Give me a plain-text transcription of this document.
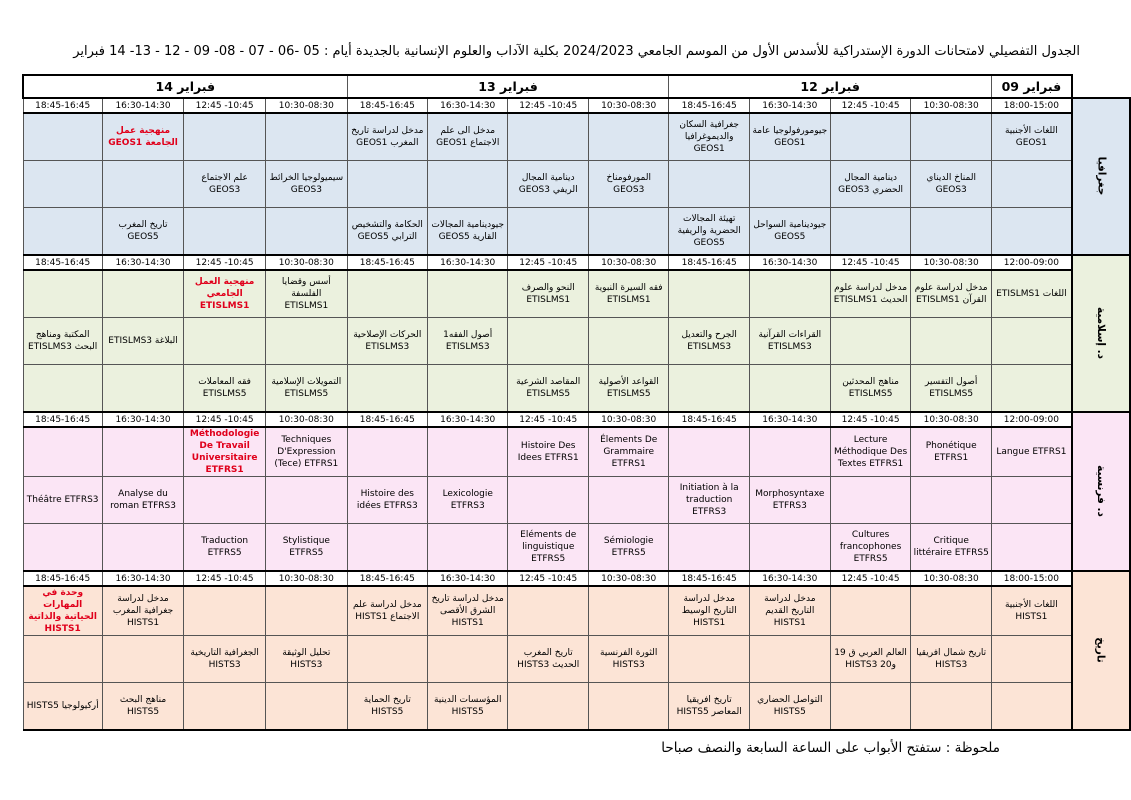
الجدول التفصيلي لامتحانات الدورة الإستدراكية للأسدس الأول من الموسم الجامعي 2024/2023 بكلية الآداب والعلوم الإنسانية بالجديدة أيام : 05 -06 - 07 - 08- 09 - 12 - 13- 14 فبراير
14 فبراير				13 فبراير				12 فبراير				09 فبراير	
18:45-16:45	16:30-14:30	12:45 -10:45	10:30-08:30	18:45-16:45	16:30-14:30	12:45 -10:45	10:30-08:30	18:45-16:45	16:30-14:30	12:45 -10:45	10:30-08:30	18:00-15:00	جغرافيا
	منهجية عمل الجامعة GEOS1			مدخل لدراسة تاريخ المغرب GEOS1	مدخل الى علم الاجتماع GEOS1			جغرافية السكان والديموغرافيا GEOS1	جيومورفولوجيا عامة GEOS1			اللغات الأجنبية GEOS1	
		علم الاجتماع GEOS3	سيميولوجيا الخرائط GEOS3			دينامية المجال الريفي GEOS3	المورفومناخ GEOS3			دينامية المجال الحضري GEOS3	المناخ الديناي GEOS3		
	تاريخ المغرب GEOS5			الحكامة والتشخيص الترابي GEOS5	جيودينامية المجالات القارية GEOS5			تهيئة المجالات الحضرية والريفية GEOS5	جيودينامية السواحل GEOS5				
18:45-16:45	16:30-14:30	12:45 -10:45	10:30-08:30	18:45-16:45	16:30-14:30	12:45 -10:45	10:30-08:30	18:45-16:45	16:30-14:30	12:45 -10:45	10:30-08:30	12:00-09:00	د. إسلامية
		منهجية العمل الجامعي ETISLMS1	أسس وقضايا الفلسفة ETISLMS1			النحو والصرف ETISLMS1	فقه السيرة النبوية ETISLMS1			مدخل لدراسة علوم الحديث ETISLMS1	مدخل لدراسة علوم القرآن ETISLMS1	اللغات ETISLMS1	
المكتبة ومناهج البحث ETISLMS3	البلاغة ETISLMS3			الحركات الإصلاحية ETISLMS3	أصول الفقه1 ETISLMS3			الجرح والتعديل ETISLMS3	القراءات القرآنية ETISLMS3				
		فقه المعاملات ETISLMS5	التمويلات الإسلامية ETISLMS5			المقاصد الشرعية ETISLMS5	القواعد الأصولية ETISLMS5			مناهج المحدثين ETISLMS5	أصول التفسير ETISLMS5		
18:45-16:45	16:30-14:30	12:45 -10:45	10:30-08:30	18:45-16:45	16:30-14:30	12:45 -10:45	10:30-08:30	18:45-16:45	16:30-14:30	12:45 -10:45	10:30-08:30	12:00-09:00	د. فرنسية
		Méthodologie De Travail Universitaire ETFRS1	Techniques D'Expression (Tece) ETFRS1			Histoire Des Idees ETFRS1	Élements De Grammaire ETFRS1			Lecture Méthodique Des Textes ETFRS1	Phonétique ETFRS1	Langue ETFRS1	
Théâtre ETFRS3	Analyse du roman ETFRS3			Histoire des idées ETFRS3	Lexicologie ETFRS3			Initiation à la traduction ETFRS3	Morphosyntaxe ETFRS3				
		Traduction ETFRS5	Stylistique ETFRS5			Eléments de linguistique ETFRS5	Sémiologie ETFRS5			Cultures francophones ETFRS5	Critique littéraire ETFRS5		
18:45-16:45	16:30-14:30	12:45 -10:45	10:30-08:30	18:45-16:45	16:30-14:30	12:45 -10:45	10:30-08:30	18:45-16:45	16:30-14:30	12:45 -10:45	10:30-08:30	18:00-15:00	تاريخ
وحدة في المهارات الحياتية والذاتية HISTS1	مدخل لدراسة جغرافية المغرب HISTS1			مدخل لدراسة علم الاجتماع HISTS1	مدخل لدراسة تاريخ الشرق الأقصى HISTS1			مدخل لدراسة التاريخ الوسيط HISTS1	مدخل لدراسة التاريخ القديم HISTS1			اللغات الأجنبية HISTS1	
		الجغرافية التاريخية HISTS3	تحليل الوثيقة HISTS3			تاريخ المغرب الحديث HISTS3	الثورة الفرنسية HISTS3			العالم العربي ق 19 و20 HISTS3	تاريخ شمال افريقيا HISTS3		
أركيولوجيا HISTS5	مناهج البحث HISTS5			تاريخ الحماية HISTS5	المؤسسات الدينية HISTS5			تاريخ افريقيا المعاصر HISTS5	التواصل الحضاري HISTS5				
ملحوظة : ستفتح الأبواب على الساعة السابعة والنصف صباحا
